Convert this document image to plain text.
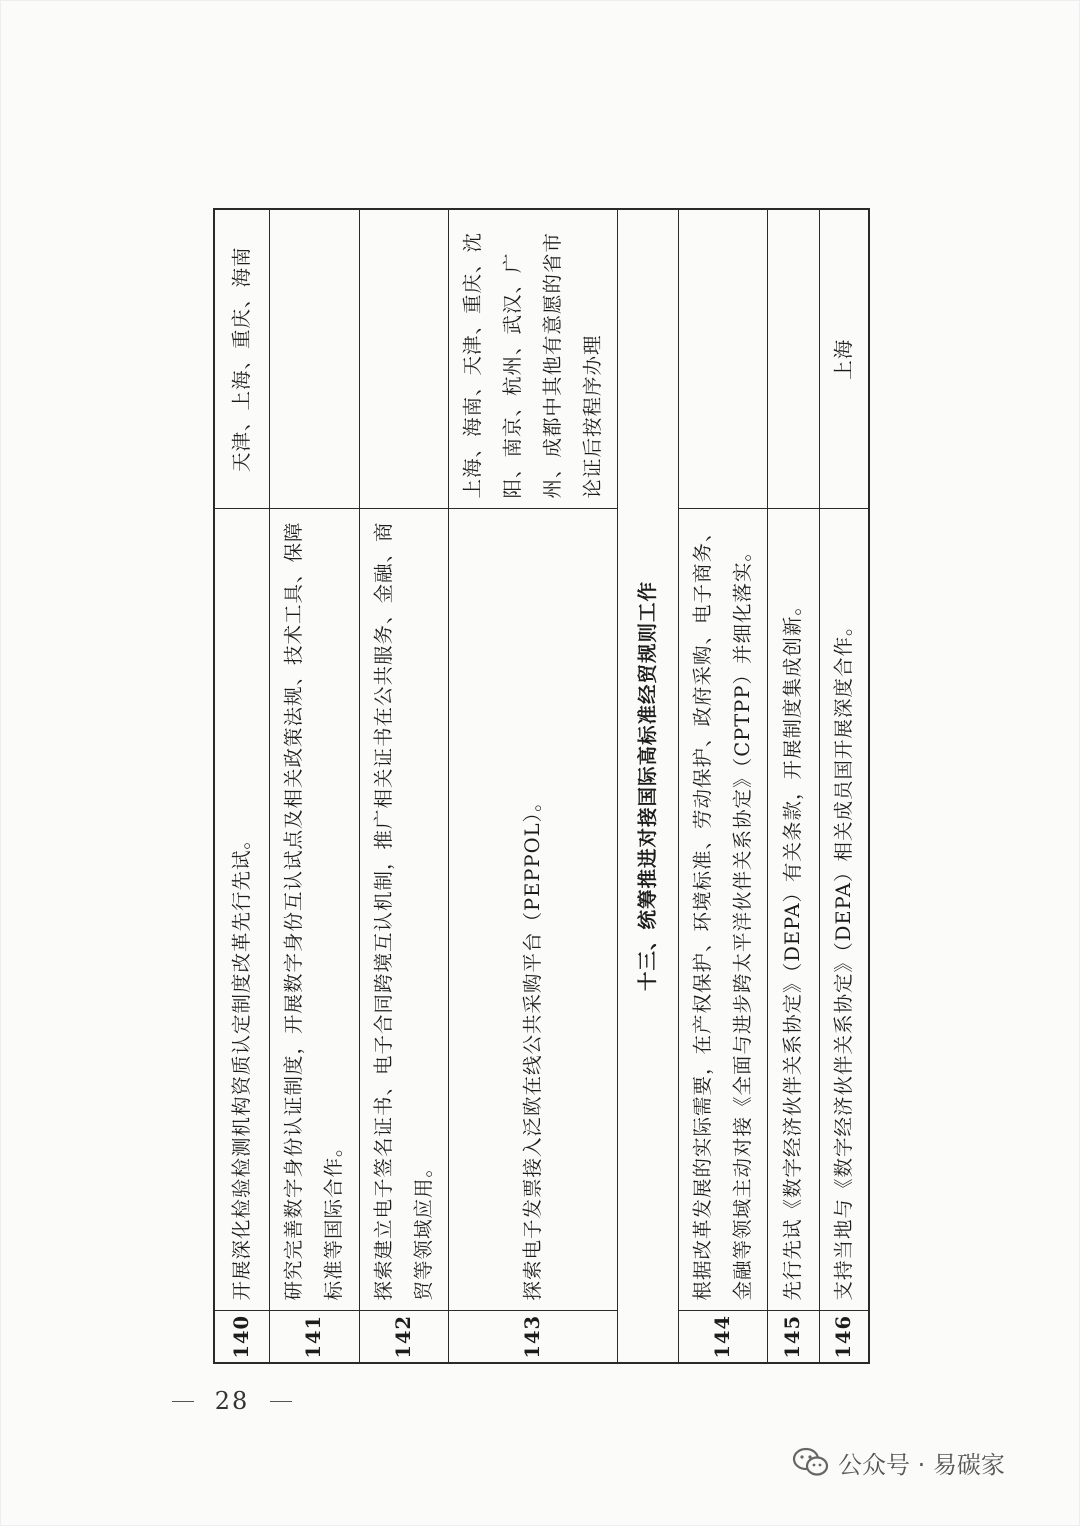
140	开展深化检验检测机构资质认定制度改革先行先试。	天津、上海、重庆、海南
141	研究完善数字身份认证制度，开展数字身份互认试点及相关政策法规、技术工具、保障标准等国际合作。	
142	探索建立电子签名证书、电子合同跨境互认机制，推广相关证书在公共服务、金融、商贸等领域应用。	
143	探索电子发票接入泛欧在线公共采购平台（PEPPOL）。	上海、海南、天津、重庆、沈阳、南京、杭州、武汉、广州、成都中其他有意愿的省市论证后按程序办理
十三、统筹推进对接国际高标准经贸规则工作		
144	根据改革发展的实际需要，在产权保护、环境标准、劳动保护、政府采购、电子商务、金融等领域主动对接《全面与进步跨太平洋伙伴关系协定》（CPTPP）并细化落实。	
145	先行先试《数字经济伙伴关系协定》（DEPA）有关条款，开展制度集成创新。	
146	支持当地与《数字经济伙伴关系协定》（DEPA）相关成员国开展深度合作。	上海
28
公众号 · 易碳家
